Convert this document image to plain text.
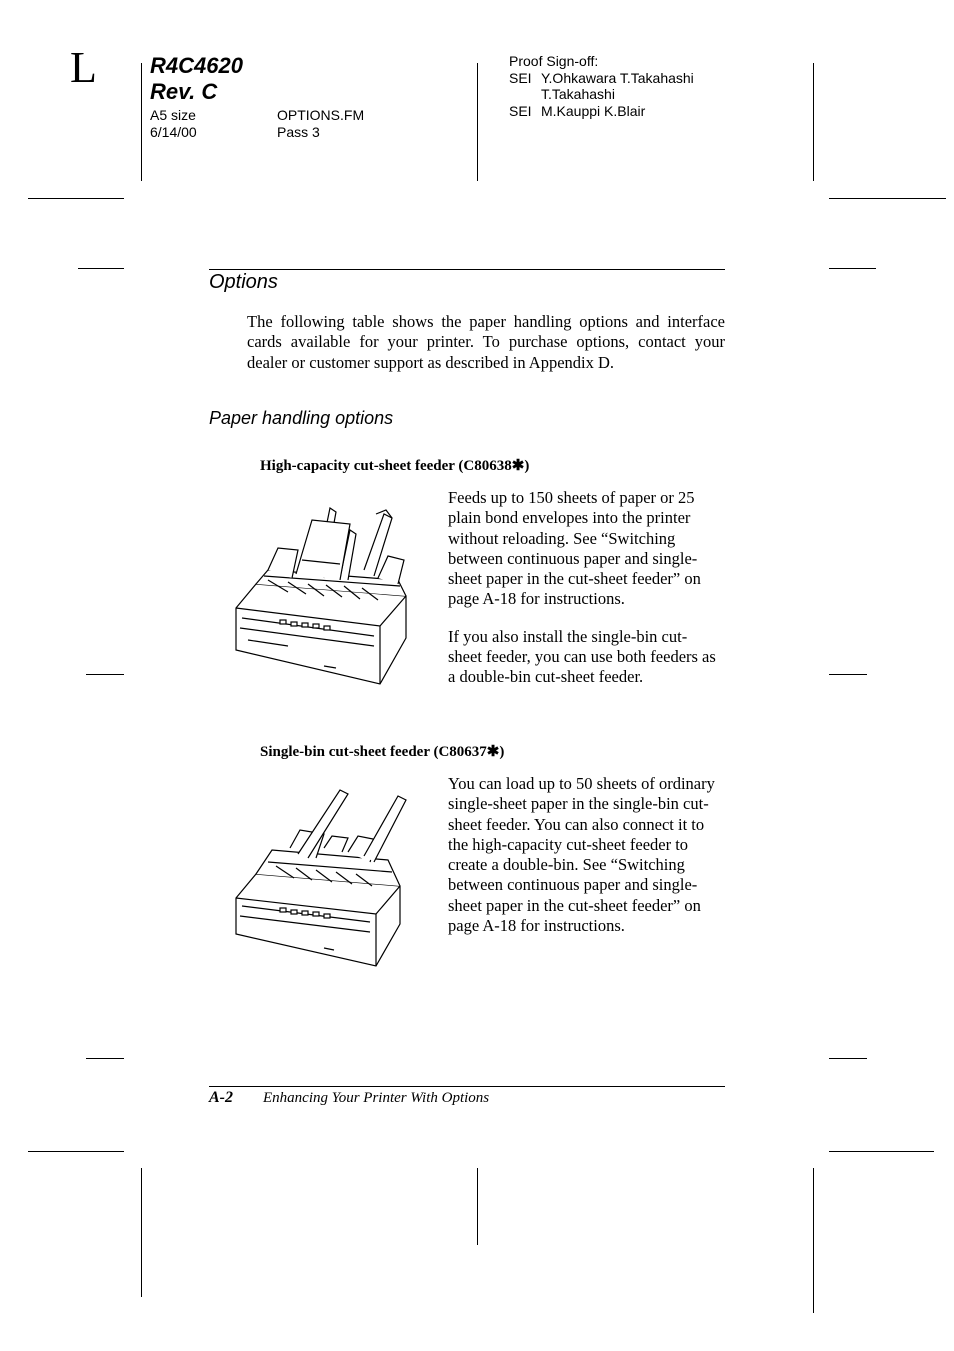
L R4C4620
Rev. C
A5 size
6/14/00
OPTIONS.FM
Pass 3
Proof Sign-off:
SEI Y.Ohkawara T.Takahashi
T.Takahashi
SEI M.Kauppi K.Blair
Options
The following table shows the paper handling options and interface cards available for your printer. To purchase options, contact your dealer or customer support as described in Appendix D.
Paper handling options
High-capacity cut-sheet feeder (C80638✱)

Feeds up to 150 sheets of paper or 25 plain bond envelopes into the printer without reloading. See “Switching between continuous paper and single-sheet paper in the cut-sheet feeder” on page A-18 for instructions.

If you also install the single-bin cut-sheet feeder, you can use both feeders as a double-bin cut-sheet feeder.

Single-bin cut-sheet feeder (C80637✱)

You can load up to 50 sheets of ordinary single-sheet paper in the single-bin cut-sheet feeder. You can also connect it to the high-capacity cut-sheet feeder to create a double-bin. See “Switching between continuous paper and single-sheet paper in the cut-sheet feeder” on page A-18 for instructions.

A-2 Enhancing Your Printer With Options
